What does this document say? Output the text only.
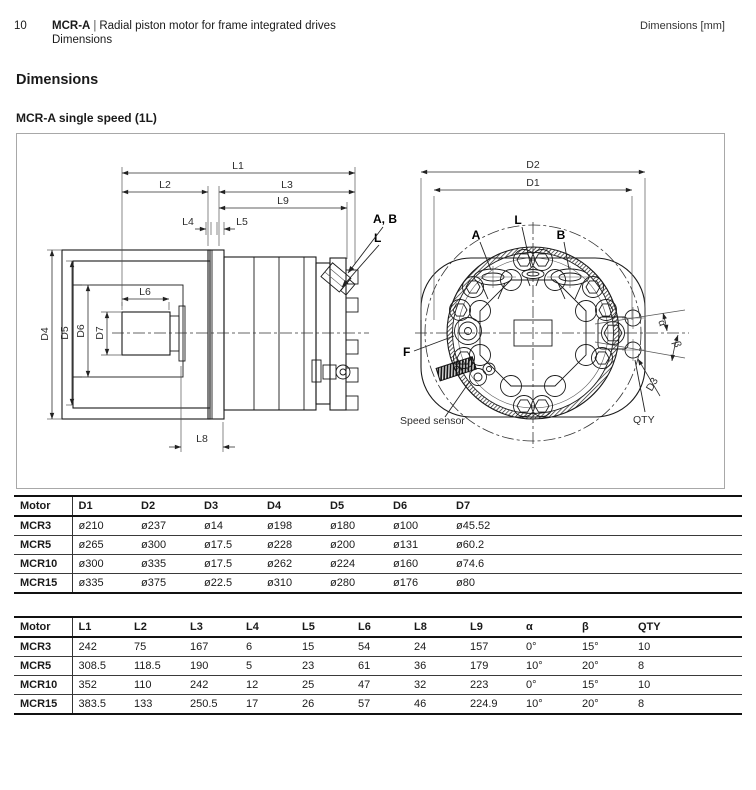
10 MCR-A | Radial piston motor for frame integrated drives
Dimensions
Dimensions [mm]
Dimensions
MCR-A single speed (1L)
L1
L2	L3
L9
L4	L5
L6
L8
D4 D5 D6 D7
A, B
L
D2
D1
A
L
B
F
Speed sensor
α
β
D3
QTY
Motor	D1	D2	D3	D4	D5	D6	D7
MCR3	ø210	ø237	ø14	ø198	ø180	ø100	ø45.52
MCR5	ø265	ø300	ø17.5	ø228	ø200	ø131	ø60.2
MCR10	ø300	ø335	ø17.5	ø262	ø224	ø160	ø74.6
MCR15	ø335	ø375	ø22.5	ø310	ø280	ø176	ø80
Motor	L1	L2	L3	L4	L5	L6	L8	L9	α	β	QTY
MCR3	242	75	167	6	15	54	24	157	0°	15°	10
MCR5	308.5	118.5	190	5	23	61	36	179	10°	20°	8
MCR10	352	110	242	12	25	47	32	223	0°	15°	10
MCR15	383.5	133	250.5	17	26	57	46	224.9	10°	20°	8
